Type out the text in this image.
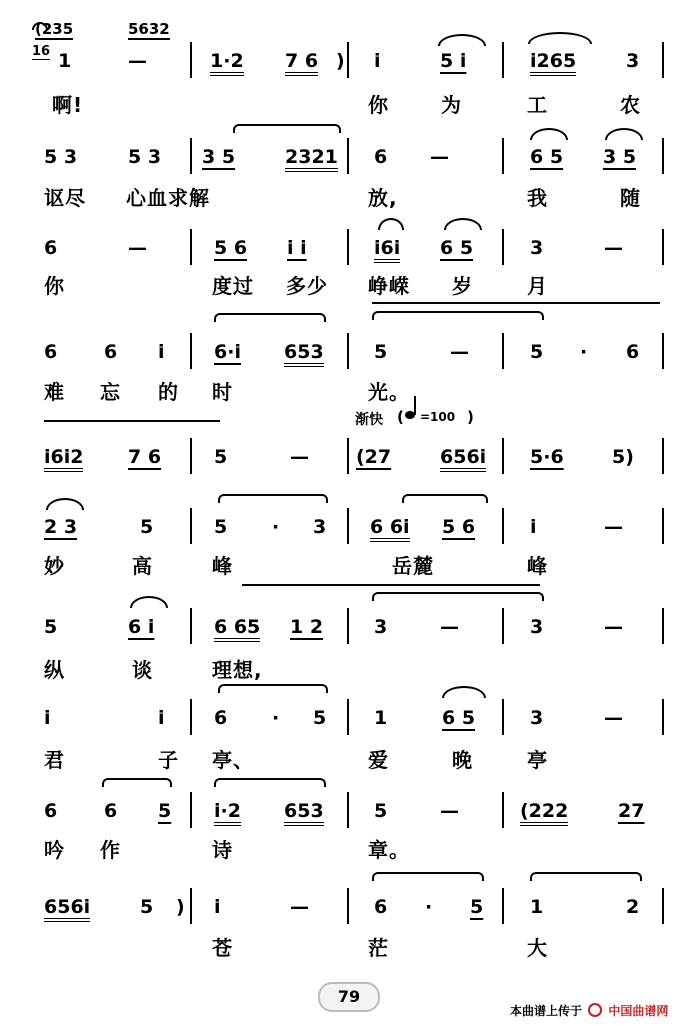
(235	5632
16 1	—	1·2 7 6 ) i	5 i	i265	3
啊!	你	为	工	农
5 3	5 3 3 5	2321 6 —	6 5 3 5
讴尽 心血求解	放,	我	随
6	—	5 6 i i	i6i 6 5	3	—
你	度过 多少 峥嵘 岁	月
6 6 i	6·i 653	5	—	5 · 6
难 忘 的 时	光。
渐快 ( =100 )
i6i2 7 6	5	— (27	656i 5·6	5)
2 3	5	5 · 3 6 6i 5 6	i	—
妙	高	峰	岳麓	峰
5	6 i	6 65 1 2	3	—	3	—
纵	谈	理想,
i	i	6 · 5	1	6 5	3	—
君	子 亭、	爱	晚	亭
6 6 5 i·2 653	5	—	(222	27
吟 作	诗	章。
656i	5 ) i	—	6 · 5 1	2
苍	茫	大
79
本曲谱上传于 中国曲谱网
